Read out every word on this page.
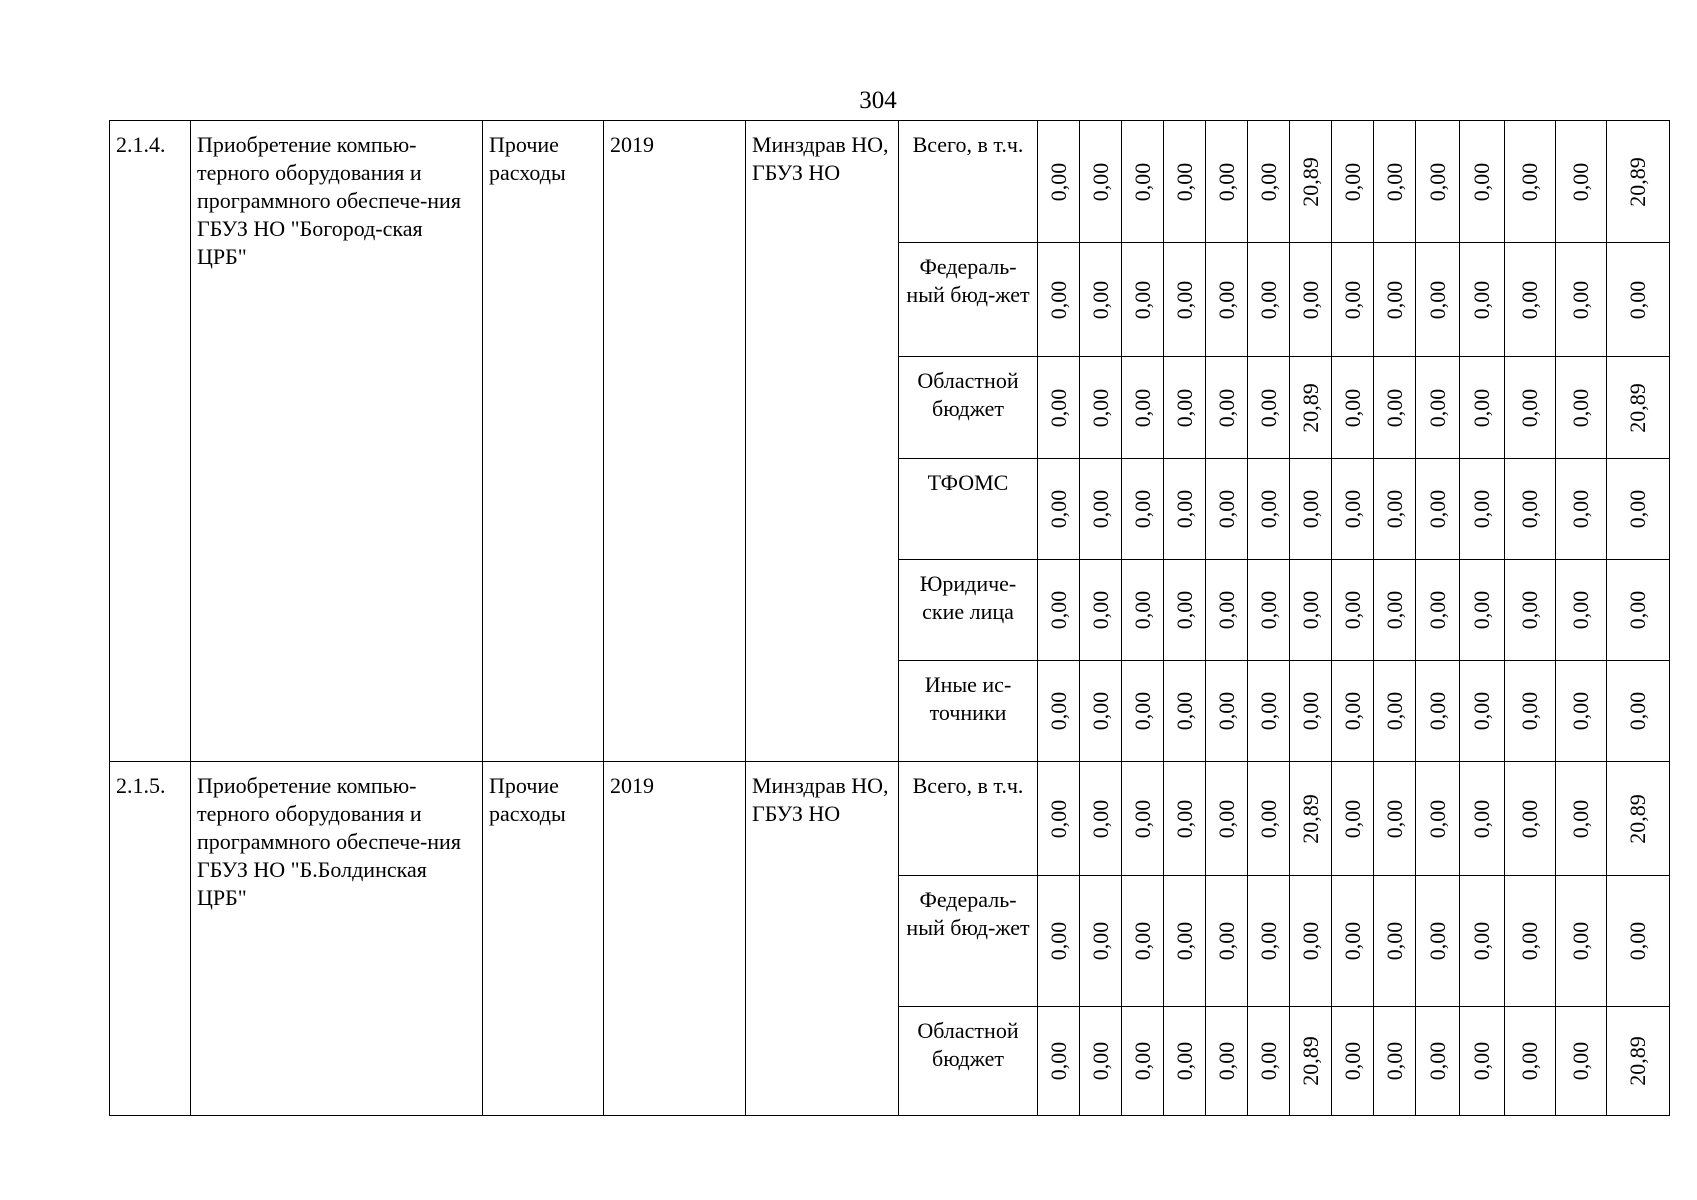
304
2.1.4.	Приобретение компью-терного оборудования и программного обеспече-ния ГБУЗ НО "Богород-ская ЦРБ"	Прочие расходы	2019	Минздрав НО, ГБУЗ НО	Всего, в т.ч.	0,00	0,00	0,00	0,00	0,00	0,00	20,89	0,00	0,00	0,00	0,00	0,00	0,00	20,89

					Федераль-ный бюд-жет	0,00	0,00	0,00	0,00	0,00	0,00	0,00	0,00	0,00	0,00	0,00	0,00	0,00	0,00

					Областной бюджет	0,00	0,00	0,00	0,00	0,00	0,00	20,89	0,00	0,00	0,00	0,00	0,00	0,00	20,89

					ТФОМС	0,00	0,00	0,00	0,00	0,00	0,00	0,00	0,00	0,00	0,00	0,00	0,00	0,00	0,00

					Юридиче-ские лица	0,00	0,00	0,00	0,00	0,00	0,00	0,00	0,00	0,00	0,00	0,00	0,00	0,00	0,00

					Иные ис-точники	0,00	0,00	0,00	0,00	0,00	0,00	0,00	0,00	0,00	0,00	0,00	0,00	0,00	0,00

2.1.5.	Приобретение компью-терного оборудования и программного обеспече-ния ГБУЗ НО "Б.Болдинская ЦРБ"	Прочие расходы	2019	Минздрав НО, ГБУЗ НО	Всего, в т.ч.	0,00	0,00	0,00	0,00	0,00	0,00	20,89	0,00	0,00	0,00	0,00	0,00	0,00	20,89

					Федераль-ный бюд-жет	0,00	0,00	0,00	0,00	0,00	0,00	0,00	0,00	0,00	0,00	0,00	0,00	0,00	0,00

					Областной бюджет	0,00	0,00	0,00	0,00	0,00	0,00	20,89	0,00	0,00	0,00	0,00	0,00	0,00	20,89
